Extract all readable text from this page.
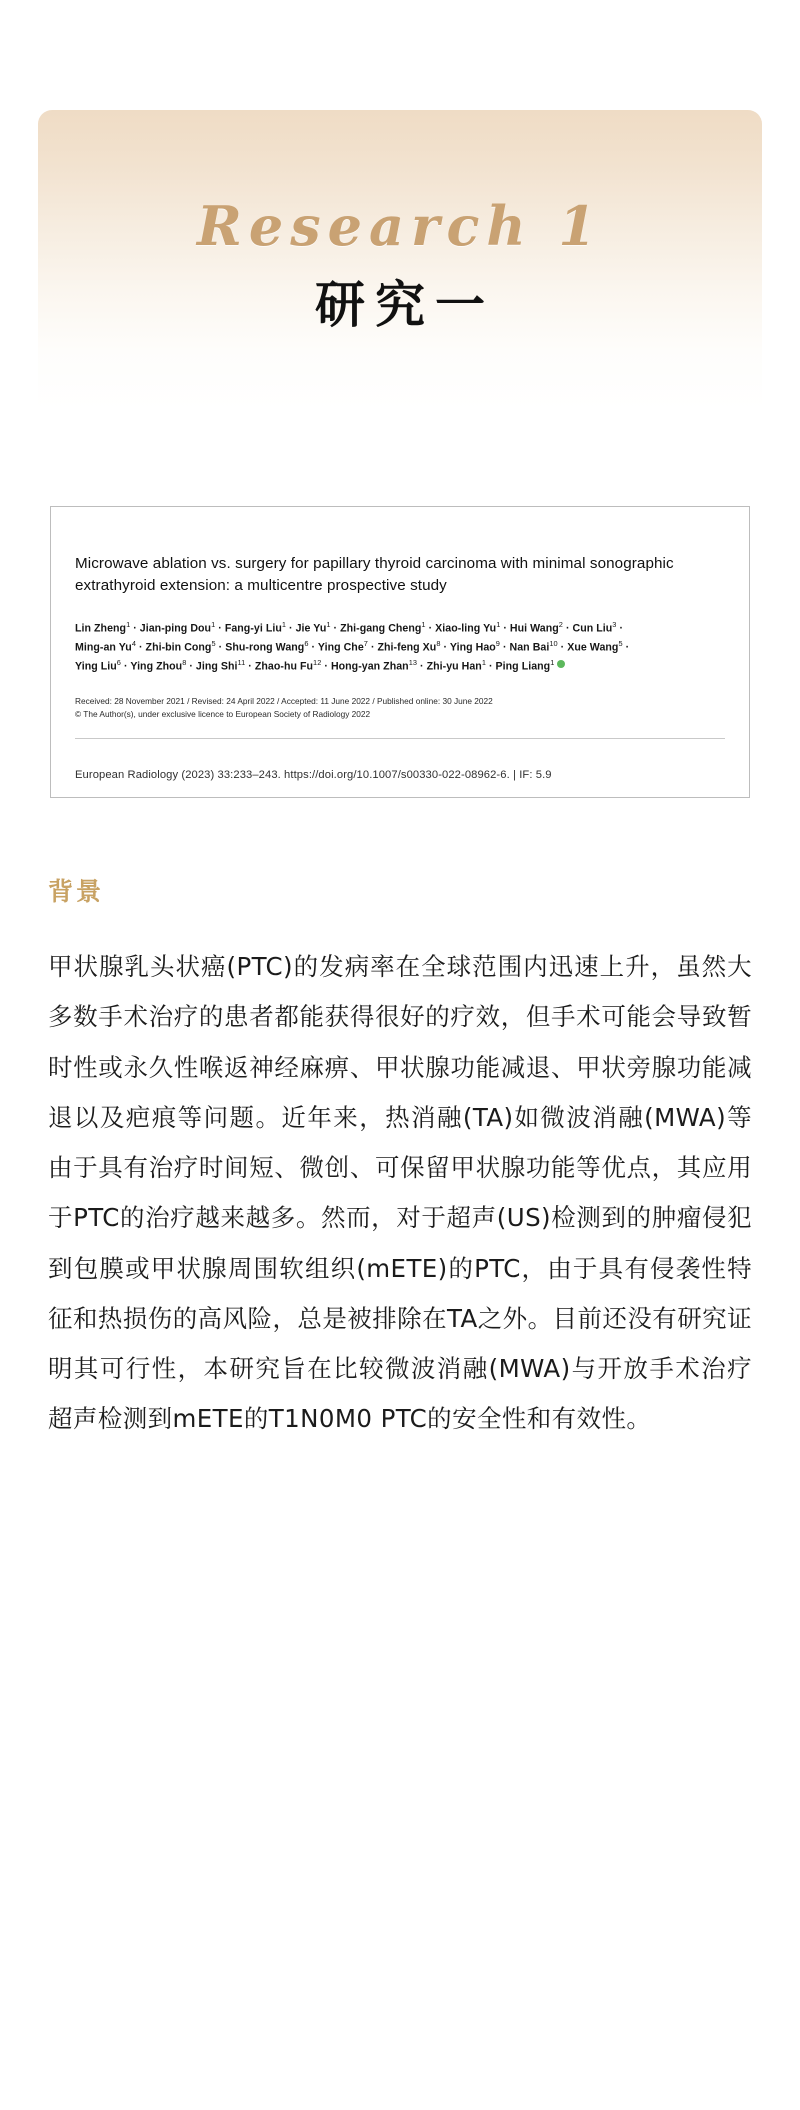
Research 1
研究一
Microwave ablation vs. surgery for papillary thyroid carcinoma with minimal sonographic extrathyroid extension: a multicentre prospective study
Lin Zheng$^1$ · Jian-ping Dou$^1$ · Fang-yi Liu$^1$ · Jie $Yu^1$ · Zhi-gang Cheng$^1$ · Xiao-ling $Yu^1$ · Hui Wang$^2$ · Cun Liu$^3$ ·
Ming-an $Yu^4 \cdot Zhi-bin$ Cong$^5$ · Shu-rong Wang$^6$ · Ying Che$^7$ · Zhi-feng $Xu^8$ · Ying Hao$^9$ · Nan Bai$^{10}$ · Xue Wang$^5$ ·
Ying Liu$^6$ · Ying Zhou$^8$ · Jing Shi$^{11}$ · Zhao-hu $Fu^{12}$ · Hong-yan Zhan$^{13}$ · Zhi-yu Han$^1$ · Ping Liang$^1$
Received: 28 November 2021 / Revised: 24 April 2022 / Accepted: 11 June 2022 / Published online: 30 June 2022
© The Author(s), under exclusive licence to European Society of Radiology 2022
European Radiology (2023) 33:233–243. https://doi.org/10.1007/s00330-022-08962-6. | IF: 5.9
背景
甲状腺乳头状癌(PTC)的发病率在全球范围内迅速上升，虽然大多数手术治疗的患者都能获得很好的疗效，但手术可能会导致暂时性或永久性喉返神经麻痹、甲状腺功能减退、甲状旁腺功能减退以及疤痕等问题。近年来，热消融(TA)如微波消融(MWA)等由于具有治疗时间短、微创、可保留甲状腺功能等优点，其应用于PTC的治疗越来越多。然而，对于超声(US)检测到的肿瘤侵犯到包膜或甲状腺周围软组织(mETE)的PTC，由于具有侵袭性特征和热损伤的高风险，总是被排除在TA之外。目前还没有研究证明其可行性，本研究旨在比较微波消融(MWA)与开放手术治疗超声检测到mETE的T1N0M0 PTC的安全性和有效性。
